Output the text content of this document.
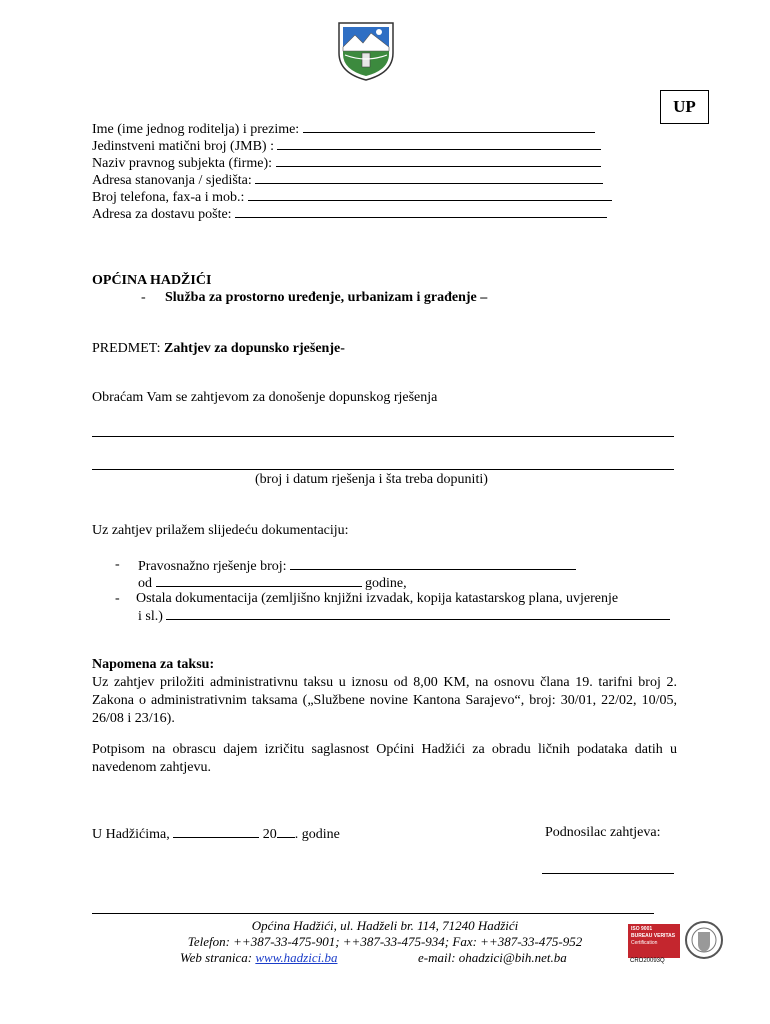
UP
Ime (ime jednog roditelja) i prezime:
Jedinstveni matični broj (JMB) :
Naziv pravnog subjekta (firme):
Adresa stanovanja / sjedišta:
Broj telefona, fax-a i mob.:
Adresa za dostavu pošte:
OPĆINA HADŽIĆI
- Služba za prostorno uređenje, urbanizam i građenje –
PREDMET: Zahtjev za dopunsko rješenje-
Obraćam Vam se zahtjevom za donošenje dopunskog rješenja
(broj i datum rješenja i šta treba dopuniti)
Uz zahtjev prilažem slijedeću dokumentaciju:
- Pravosnažno rješenje broj:
od	godine,
- Ostala dokumentacija (zemljišno knjižni izvadak, kopija katastarskog plana, uvjerenje
i sl.)
Napomena za taksu:
Uz zahtjev priložiti administrativnu taksu u iznosu od 8,00 KM, na osnovu člana 19. tarifni broj 2. Zakona o administrativnim taksama („Službene novine Kantona Sarajevo“, broj: 30/01, 22/02, 10/05, 26/08 i 23/16).
Potpisom na obrascu dajem izričitu saglasnost Općini Hadžići za obradu ličnih podataka datih u navedenom zahtjevu.
U Hadžićima,	20 . godine	Podnosilac zahtjeva:
Općina Hadžići, ul. Hadželi br. 114, 71240 Hadžići
Telefon: ++387-33-475-901; ++387-33-475-934; Fax: ++387-33-475-952
Web stranica: www.hadzici.ba	e-mail: ohadzici@bih.net.ba
ISO 9001
BUREAU VERITAS
Certification
CRO20093Q
